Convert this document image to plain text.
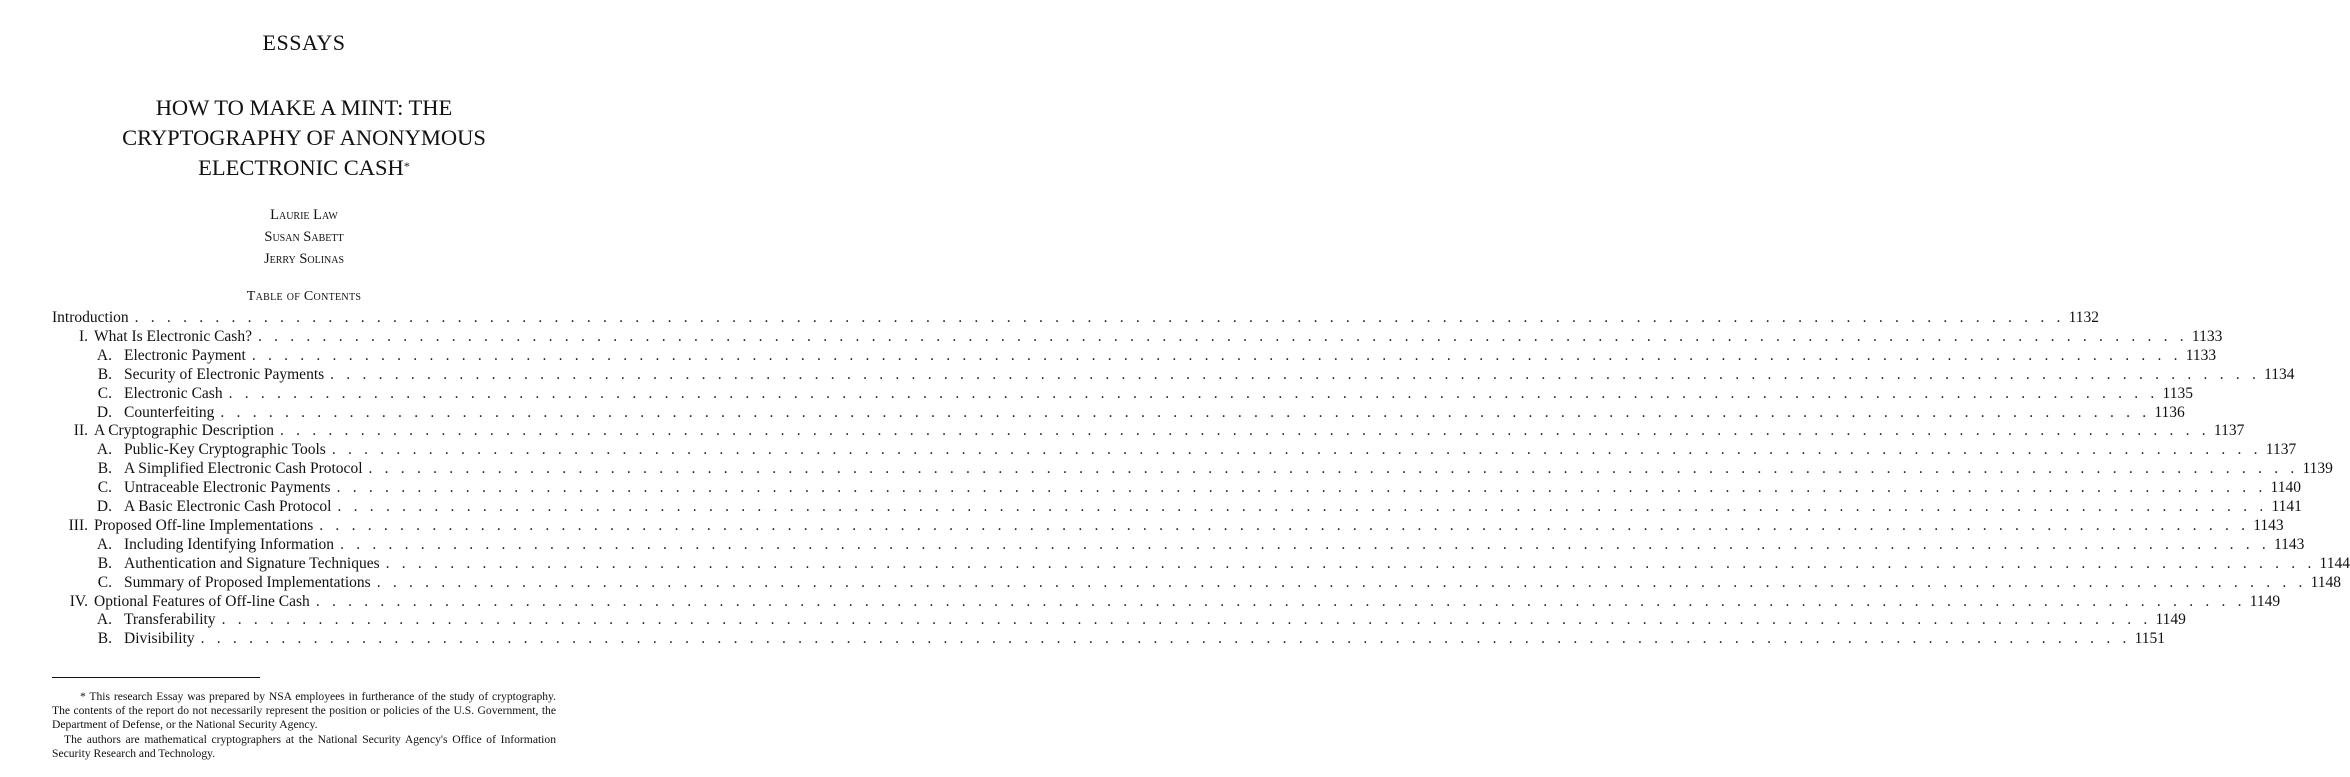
ESSAYS
HOW TO MAKE A MINT: THE
CRYPTOGRAPHY OF ANONYMOUS
ELECTRONIC CASH*
Laurie Law
Susan Sabett
Jerry Solinas
Table of Contents
Introduction . . . . . . . . . . . . . . . . . . . . . . . . . . . . . . . . . . . . . . . . . . . . . . . . . . . . . . . . . . . . . . . . . . . . . . . . . . . . . . . . . . . . . . . . . . . . . . . . . . . . . . . . . . . . . . . . . . . . . . . . 1132
I. What Is Electronic Cash? . . . . . . . . . . . . . . . . . . . . . . . . . . . . . . . . . . . . . . . . . . . . . . . . . . . . . . . . . . . . . . . . . . . . . . . . . . . . . . . . . . . . . . . . . . . . . . . . . . . . . . . . . . . . . . . . . . . . . . . . 1133
A. Electronic Payment . . . . . . . . . . . . . . . . . . . . . . . . . . . . . . . . . . . . . . . . . . . . . . . . . . . . . . . . . . . . . . . . . . . . . . . . . . . . . . . . . . . . . . . . . . . . . . . . . . . . . . . . . . . . . . . . . . . . . . . . 1133
B. Security of Electronic Payments . . . . . . . . . . . . . . . . . . . . . . . . . . . . . . . . . . . . . . . . . . . . . . . . . . . . . . . . . . . . . . . . . . . . . . . . . . . . . . . . . . . . . . . . . . . . . . . . . . . . . . . . . . . . . . . . . . . . . . . . 1134
C. Electronic Cash . . . . . . . . . . . . . . . . . . . . . . . . . . . . . . . . . . . . . . . . . . . . . . . . . . . . . . . . . . . . . . . . . . . . . . . . . . . . . . . . . . . . . . . . . . . . . . . . . . . . . . . . . . . . . . . . . . . . . . . . 1135
D. Counterfeiting . . . . . . . . . . . . . . . . . . . . . . . . . . . . . . . . . . . . . . . . . . . . . . . . . . . . . . . . . . . . . . . . . . . . . . . . . . . . . . . . . . . . . . . . . . . . . . . . . . . . . . . . . . . . . . . . . . . . . . . . 1136
II. A Cryptographic Description . . . . . . . . . . . . . . . . . . . . . . . . . . . . . . . . . . . . . . . . . . . . . . . . . . . . . . . . . . . . . . . . . . . . . . . . . . . . . . . . . . . . . . . . . . . . . . . . . . . . . . . . . . . . . . . . . . . . . . . . 1137
A. Public-Key Cryptographic Tools . . . . . . . . . . . . . . . . . . . . . . . . . . . . . . . . . . . . . . . . . . . . . . . . . . . . . . . . . . . . . . . . . . . . . . . . . . . . . . . . . . . . . . . . . . . . . . . . . . . . . . . . . . . . . . . . . . . . . . . . 1137
B. A Simplified Electronic Cash Protocol . . . . . . . . . . . . . . . . . . . . . . . . . . . . . . . . . . . . . . . . . . . . . . . . . . . . . . . . . . . . . . . . . . . . . . . . . . . . . . . . . . . . . . . . . . . . . . . . . . . . . . . . . . . . . . . . . . . . . . . . 1139
C. Untraceable Electronic Payments . . . . . . . . . . . . . . . . . . . . . . . . . . . . . . . . . . . . . . . . . . . . . . . . . . . . . . . . . . . . . . . . . . . . . . . . . . . . . . . . . . . . . . . . . . . . . . . . . . . . . . . . . . . . . . . . . . . . . . . . 1140
D. A Basic Electronic Cash Protocol . . . . . . . . . . . . . . . . . . . . . . . . . . . . . . . . . . . . . . . . . . . . . . . . . . . . . . . . . . . . . . . . . . . . . . . . . . . . . . . . . . . . . . . . . . . . . . . . . . . . . . . . . . . . . . . . . . . . . . . . 1141
III. Proposed Off-line Implementations . . . . . . . . . . . . . . . . . . . . . . . . . . . . . . . . . . . . . . . . . . . . . . . . . . . . . . . . . . . . . . . . . . . . . . . . . . . . . . . . . . . . . . . . . . . . . . . . . . . . . . . . . . . . . . . . . . . . . . . . 1143
A. Including Identifying Information . . . . . . . . . . . . . . . . . . . . . . . . . . . . . . . . . . . . . . . . . . . . . . . . . . . . . . . . . . . . . . . . . . . . . . . . . . . . . . . . . . . . . . . . . . . . . . . . . . . . . . . . . . . . . . . . . . . . . . . . 1143
B. Authentication and Signature Techniques . . . . . . . . . . . . . . . . . . . . . . . . . . . . . . . . . . . . . . . . . . . . . . . . . . . . . . . . . . . . . . . . . . . . . . . . . . . . . . . . . . . . . . . . . . . . . . . . . . . . . . . . . . . . . . . . . . . . . . . . 1144
C. Summary of Proposed Implementations . . . . . . . . . . . . . . . . . . . . . . . . . . . . . . . . . . . . . . . . . . . . . . . . . . . . . . . . . . . . . . . . . . . . . . . . . . . . . . . . . . . . . . . . . . . . . . . . . . . . . . . . . . . . . . . . . . . . . . . . 1148
IV. Optional Features of Off-line Cash . . . . . . . . . . . . . . . . . . . . . . . . . . . . . . . . . . . . . . . . . . . . . . . . . . . . . . . . . . . . . . . . . . . . . . . . . . . . . . . . . . . . . . . . . . . . . . . . . . . . . . . . . . . . . . . . . . . . . . . . 1149
A. Transferability . . . . . . . . . . . . . . . . . . . . . . . . . . . . . . . . . . . . . . . . . . . . . . . . . . . . . . . . . . . . . . . . . . . . . . . . . . . . . . . . . . . . . . . . . . . . . . . . . . . . . . . . . . . . . . . . . . . . . . . . 1149
B. Divisibility . . . . . . . . . . . . . . . . . . . . . . . . . . . . . . . . . . . . . . . . . . . . . . . . . . . . . . . . . . . . . . . . . . . . . . . . . . . . . . . . . . . . . . . . . . . . . . . . . . . . . . . . . . . . . . . . . . . . . . . . 1151
* This research Essay was prepared by NSA employees in furtherance of the study of cryptography. The contents of the report do not necessarily represent the position or policies of the U.S. Government, the Department of Defense, or the National Security Agency.
The authors are mathematical cryptographers at the National Security Agency's Office of Information Security Research and Technology.
